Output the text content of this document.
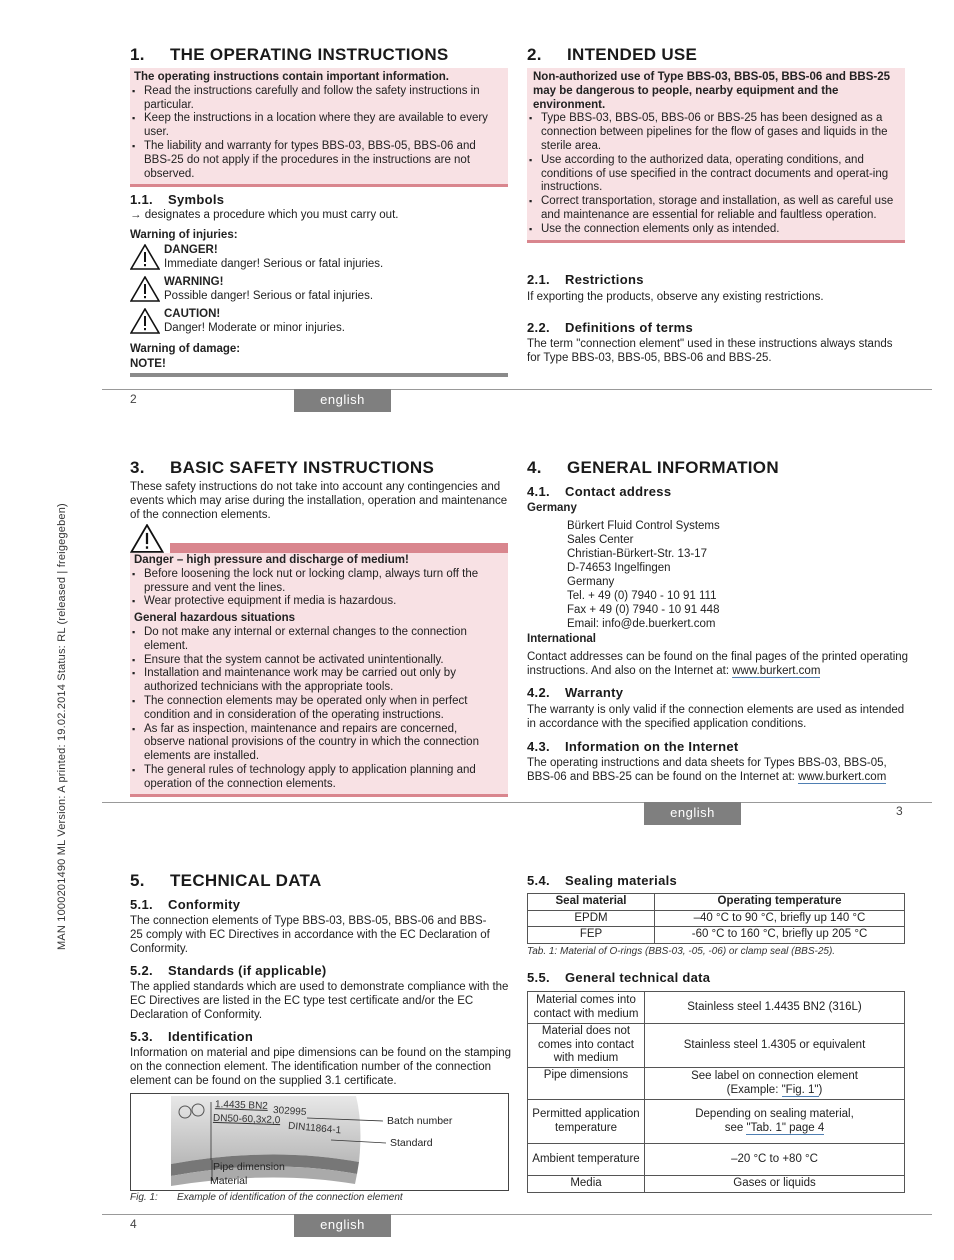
MAN 1000201490 ML Version: A printed: 19.02.2014 Status: RL (released | freigegeben)
1. THE OPERATING INSTRUCTIONS
The operating instructions contain important information.
▪ Read the instructions carefully and follow the safety instructions in particular.
▪ Keep the instructions in a location where they are available to every user.
▪ The liability and warranty for types BBS-03, BBS-05, BBS-06 and BBS-25 do not apply if the procedures in the instructions are not observed.
1.1. Symbols
→ designates a procedure which you must carry out.
Warning of injuries:
DANGER!
Immediate danger! Serious or fatal injuries.
WARNING!
Possible danger! Serious or fatal injuries.
CAUTION!
Danger! Moderate or minor injuries.
Warning of damage:
NOTE!
2. INTENDED USE
Non-authorized use of Type BBS-03, BBS-05, BBS-06 and BBS-25 may be dangerous to people, nearby equipment and the environment.
▪ Type BBS-03, BBS-05, BBS-06 or BBS-25 has been designed as a connection between pipelines for the flow of gases and liquids in the sterile area.
▪ Use according to the authorized data, operating conditions, and conditions of use specified in the contract documents and operat-ing instructions.
▪ Correct transportation, storage and installation, as well as careful use and maintenance are essential for reliable and faultless operation.
▪ Use the connection elements only as intended.
2.1. Restrictions
If exporting the products, observe any existing restrictions.
2.2. Definitions of terms
The term "connection element" used in these instructions always stands for Type BBS-03, BBS-05, BBS-06 and BBS-25.
2	english
3. BASIC SAFETY INSTRUCTIONS
These safety instructions do not take into account any contingencies and events which may arise during the installation, operation and maintenance of the connection elements.
Danger – high pressure and discharge of medium!
▪ Before loosening the lock nut or locking clamp, always turn off the pressure and vent the lines.
▪ Wear protective equipment if media is hazardous.
General hazardous situations
▪ Do not make any internal or external changes to the connection element.
▪ Ensure that the system cannot be activated unintentionally.
▪ Installation and maintenance work may be carried out only by authorized technicians with the appropriate tools.
▪ The connection elements may be operated only when in perfect condition and in consideration of the operating instructions.
▪ As far as inspection, maintenance and repairs are concerned, observe national provisions of the country in which the connection elements are installed.
▪ The general rules of technology apply to application planning and operation of the connection elements.
4. GENERAL INFORMATION
4.1. Contact address
Germany
Bürkert Fluid Control Systems
Sales Center
Christian-Bürkert-Str. 13-17
D-74653 Ingelfingen
Germany
Tel. + 49 (0) 7940 - 10 91 111
Fax + 49 (0) 7940 - 10 91 448
Email: info@de.buerkert.com
International
Contact addresses can be found on the final pages of the printed operating instructions. And also on the Internet at: www.burkert.com
4.2. Warranty
The warranty is only valid if the connection elements are used as intended in accordance with the specified application conditions.
4.3. Information on the Internet
The operating instructions and data sheets for Types BBS-03, BBS-05, BBS-06 and BBS-25 can be found on the Internet at: www.burkert.com
english	3
5. TECHNICAL DATA
5.1. Conformity
The connection elements of Type BBS-03, BBS-05, BBS-06 and BBS-25 comply with EC Directives in accordance with the EC Declaration of Conformity.
5.2. Standards (if applicable)
The applied standards which are used to demonstrate compliance with the EC Directives are listed in the EC type test certificate and/or the EC Declaration of Conformity.
5.3. Identification
Information on material and pipe dimensions can be found on the stamping on the connection element. The identification number of the connection element can be found on the supplied 3.1 certificate.
1.4435 BN2 302995
DN50-60,3x2,0
DIN11864-1	Batch number
Standard
Pipe dimension
Material
Fig. 1: Example of identification of the connection element
5.4. Sealing materials
Seal material	Operating temperature
EPDM	–40 °C to 90 °C, briefly up 140 °C
FEP	-60 °C to 160 °C, briefly up 205 °C
Tab. 1: Material of O-rings (BBS-03, -05, -06) or clamp seal (BBS-25).
5.5. General technical data
Material comes into contact with medium	Stainless steel 1.4435 BN2 (316L)
Material does not comes into contact with medium	Stainless steel 1.4305 or equivalent
Pipe dimensions	See label on connection element
(Example: "Fig. 1")

Permitted application temperature	Depending on sealing material,
see "Tab. 1" page 4

Ambient temperature	–20 °C to +80 °C
Media	Gases or liquids
4	english
